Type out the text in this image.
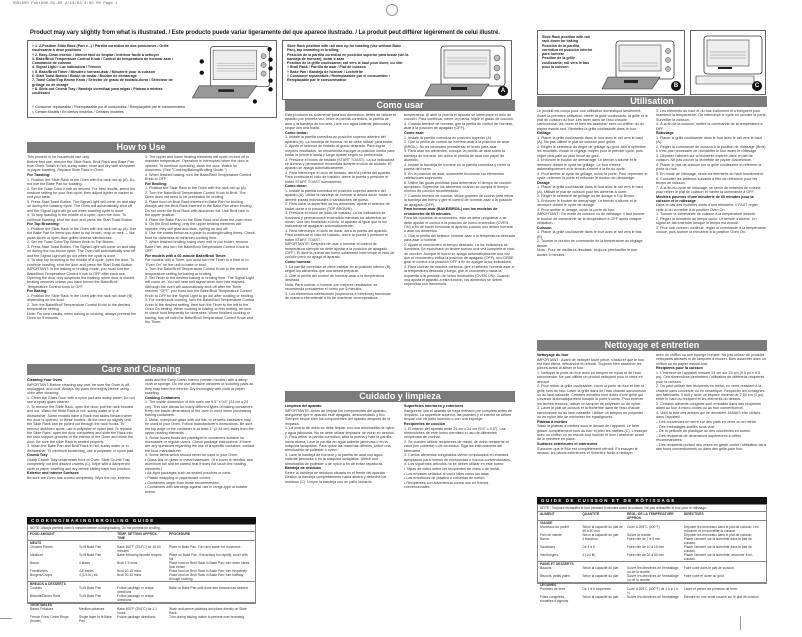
TB01000 Pub1000-01-05 2/14/03 4:06 PM Page 1
Product may vary slightly from what is illustrated. / Este producto puede variar ligeramente del que aparece ilustrado. / Le produit peut différer légèrement de celui illustré.
† 1. 2-Position Slide Rack (Part #...) / Parrilla corrediza de dos posiciones / Grille coulissante à deux positions
† 2. Easy-Clean Interior / Interior fácil de limpiar / Intérieur facile à nettoyer
3. Bake/Broil Temperature Control Knob / Control de temperatura de hornear-asar / Commande de cuisson
4. Signal Light / Luz indicadora / Témoin
‡ 5. Bake/Broil Timer / Minutero hornear-asar / Minuterie pour la cuisson
6. Start Toast Button / Botón de tostar / Bouton de démarrage
7. Toast Color/Top Brown Knob / Selector de grado de tostado-dorar / Sélecteur de grillage ou de dorage
† 8. Slide-out Crumb Tray / Bandeja corrediza/ para migas / Plateau à miettes coulissant
† Consumer replaceable / Reemplazable por el consumidor / Remplaçable par le consommateur
‡ Certain Models / En ciertos modelos / Certains modèles
Slide Rack position with rail rack up for toasting (use without Bake Pan), top browning or broiling;
Posición de la parrilla corrediza en posición superior para tostar (sin la bandeja de hornear), dorar o asar
Position de la grille coulissante; rail vers le haut pour dorer, ou rôtir
† Broil Rack / Parrilla de asar / Plat de cuisson
† Bake Pan / Bandeja de hornear / Lèchefrite
† Consumer replaceable / Reemplazable por el consumidor / Remplaçable par le consommateur
A
Slide Rack position with rail rack down for baking
Posición de la parrilla corrediza en posición inferior para hornear
Position de la grille coulissante; rail vers le bas pour la cuisson
B	C
How to Use
Care and Cleaning
Como usar
Cuidado y limpieza
Utilisation
Nettoyage et entretien

This product is for household use only.

Before first use, remove the Slide Rack, Broil Rack and Bake Pan from Oven. Wash in hot, sudsy water, rinse and dry with dishpanel or paper toweling. Replace Slide Rack in Oven.

For Toasting:

1. Position the Slide Rack in the Oven with the rack rail up (A). Do not use the Bake Pan for toasting.

2. Set the Toast Color Knob as desired. For best results, select the medium setting for your first cycle, then adjust lighter or darker to suit your taste.

3. Press Start Toast Button. The Signal Light will come on and stay on during the toasting cycle. The Oven will automatically shut off and the Signal Light will go out when toasting cycle is done.

4. To stop toasting in the middle of a cycle, open the door. To continue toasting, shut the door and press the Start Toast Button.

For Top Browning:

1. Position the Slide Rack in the Oven with the rack rail up (A). Use the Bake Pan for items you want to top brown, crisp or melt — like pizza slices or open-face grilled cheese sandwiches.

2. Set the Toast Color/Top Brown Knob to Top Brown.

3. Press Start Toast Button. The Signal Light will come on and stay on during the top-brown cycle. The Oven will automatically shut off and the Signal Light will go out when the cycle is done.

4. To stop top browning in the middle of a cycle, open the door. To continue toasting, shut the door and press the Start Toast Button.

IMPORTANT: In the baking or broiling mode, you must turn the Bake/Broil Temperature Control Knob to OFF after each use. Opening the door only suspends the heating; when door is closed, heating resumes unless you have turned the Bake/Broil Temperature Control Knob to OFF.

For Baking:

1. Position the Slide Rack in the Oven with the rack rail down (B) depending on the food.

2. Turn the Bake/Broil Temperature Control Knob to the desired temperature setting.

Note: For best results, when baking or cooking, always preheat the Oven for 5 minutes.

3. The upper and lower heating elements will cycle on and off to maintain temperature. Operation is interrupted when the door is opened. To continue operating, close the door. Watch for doneness. (See "Cooking/Baking/Broiling Guide.")

4. When finished baking, turn the Bake/Broil Temperature Control Knob to OFF.

For Broiling:

1. Position the Slide Rack in the Oven with the rack rail up (A).

2. Turn the Bake/Broil Temperature Control Knob to Broil. The Oven does not need to be preheated for broiling.

3. Place food on Broil Rack inserted in Bake Pan for broiling. Always use the Broil Rack inserted in the Bake Pan when broiling. Do not cover the Broil Rack with aluminum foil. Use Broil rack in the upper position.

4. Place the Bake Pan on the Slide Rack and close the oven door.

5. On the Broil setting, only the upper heating elements will operate; they will glow and fade, cycling on and off.

6. Use the charts below as a guide to cooking/broiling times. Check food for doneness at minimum cooking time.

7. When finished broiling, using oven mitt or pot holder, remove Bake Pan, and turn the Bake/Broil Temperature Control Knob to OFF.

For models with a 60-minute Bake/Broil Timer:

For models with a Timer, you must turn the Timer to a time or to "Even On" for the unit to bake or broil.

1. Turn the Bake/Broil Temperature Control Knob to the desired temperature setting for baking or broiling.

2. Set Timer to the desired baking or broiling time. The Signal Light will come on. You will hear bell signal when time has elapsed. Although the oven will automatically shut-off after the Timer reaches "OFF," you must turn the Bake/Broil Temperature Control Knob to OFF for the Signal Light to go out after cooking or broiling.

3. For continuous cooking, turn the Bake/Broil Temperature Control Knob to the desired setting, then turn the Timer to the left to the Oven On setting. When cooking or baking on this setting, be sure to check food frequently for doneness. When finished cooking or baking, turn off both the Bake/Broil Temperature Control Knob and the Timer.

Cleaning Your Oven

IMPORTANT: Before cleaning any part, be sure the Oven is off, unplugged, and cool. Always dry parts thoroughly before using oven after cleaning.

1. Clean the Glass Door with a nylon pad and sudsy water. Do not use a spray glass cleaner.

2. To remove the Slide Rack, open the door, pull the rack forward and out. Wash the Slide Rack in hot, sudsy water or in a dishwasher. Some models have a Rack that slides forward when the door is opened. In these models, tilt the door up slightly until the Slide Rack can be pulled out through the rack hooks. To remove stubborn spots, use a polyester or nylon pad. To replace the Slide Rack, open the door completely and slide the Rack into the rack support grooves of the interior of the Oven and close the door. Be sure the slide Rack is seated properly.

3. Wash the Bake Pan and Broil Rack in hot, sudsy water or in dishwasher. To minimize scratching, use a polyester or nylon pad.

Crumb Tray

Grasp Crumb Tray underneath front of Oven. Slide Crumb Tray completely out and discard crumbs (C). Wipe with a dampened cloth or paper toweling and dry before sliding back into position.

Exterior and Interior Surfaces

Be sure the Oven has cooled completely. Wipe the top, exterior

walls and the Easy-Clean Interior (certain models) with a damp cloth or sponge. Do not use abrasive cleaners or scouring pads as they may harm the interior. Dry thoroughly with cloth or paper toweling.

Cooking Containers

1. The inside dimension of this oven are 9.5" x 9.5" (24 cm x 24 cm). This size allows for many different types of baking containers. Keep the inside dimensions of the oven in mind when purchasing baking containers.

2. Metal, ovenproof glass with out lids, or ceramic bakeware may be used in your Oven. Follow manufacturer's instructions. Be sure the top edge of the container is at least 1" (2.54 cm) away from the upper heating elements.

3. Some frozen foods are packaged in containers suitable for microwave or regular ovens. Check package instructions. If there are any questions regarding the use of a specific container, contact the food manufacturer.

4. Some items which should never be used in your Oven:

• Glass lids on glass or metal bakeware. (If a cover is needed, use aluminum foil and be careful that it does not touch the heating elements.)

• Air-tight packages such as sealed pouches or cans.

• Plastic wrapping or paperboard covers.

• Containers larger than those recommended.

• Containers with warnings against use in range-type or toaster ovens.

Este producto es solamente para uso doméstico. Antes de utilizar el aparato por primera vez, retire la parrilla corrediza, la parrilla de asar y la bandeja de hornear. Lave con agua caliente jabonosa y seque con una toalla.

Como tostar:

1. Instale la parrilla corrediza en posición superior adentro del aparato (A). La bandeja de hornear no se debe utilizar para tostar.

2. Ajuste el selector de tostado al grado deseado. Para lograr mejores resultados, se recomienda escoger la posición media para tostar la primera tanda y luego ajustar según su preferencia.

3. Presione el botón de tostado (START TOAST). La luz indicadora se ilumina y permanece encendida durante el ciclo de tostado. El aparato se apaga automáticamente.

4. Para interrumpir el ciclo de tostado, abra la puerta del aparato. Para continuar el ciclo de tostado, cierre la puerta y presione el botón START TOAST nuevamente.

Como dorar:

1. Instale la parrilla corrediza en posición superior adentro del aparato (A). Utilice la bandeja de hornear si desea dorar, tostar o derretir pizzas individuales o sándwiches de queso.

2. Para dorar la superficie de los alimentos, ajuste el selector de tostar-dorar a la posición (TOP BROWN).

3. Presione el botón de inicio de tostado. La luz indicadora se iluminará y permanecerá encendida mientras los alimentos se doran. Una vez finalizado el ciclo, el aparato al igual que la luz indicadora se apagarán automáticamente.

4. Para interrumpir el ciclo de dorar, abra la puerta del aparato. Para continuar el ciclo de tostado, cierre la puerta y presione el botón START TOAST.

IMPORTANTE: Después de usar u hornear el control de temperatura siempre se debe ajustar a la posición de apagado (OFF). El abrir la puerta del horno solamente interrumpe el ciclo de cocción pero no apaga el aparato.

Como hornear:

1. La parrilla corrediza se debe instalar en la posición inferior (B) según los alimentos que uno desea preparar.

2. Gire la perilla del control de hornear-asar a la temperatura deseada.

Nota: Para cocinar u hornear con mejores resultados, se recomienda precalentar el horno por 5 minutos.

3. Los elementos calefactores (superiores e inferiores) funcionan de manera intermitente a fin de mantener la temperatura.

temperatura. Al abrir la puerta el aparato se interrumpe el ciclo de cocción. Para continuar, cierre la puerta. Vigile el grado de cocción.

4. Cuando termine de hornear, gire la perilla de control de hornear-asar a la posición de apagado (OFF).

Como asar:

1. Instale la parrilla corrediza en posición superior (A).

2. Gire la perilla de control de hornear-asar a la posición de asar (BROIL). No es necesario precalentar el horno para asar.

3. Para asar los alimentos, coloque la parrilla de asar sobre la bandeja de hornear. No cubra la parrilla de asar con papel de aluminio.

4. Instale la bandeja de hornear en la parrilla corrediza y cierre la puerta del horno.

5. En la posición de asar, solamente funcionan los elementos calefactores superiores.

6. Utilice las guías provistas para determinar el tiempo de cocción apropiado. Supervise los alimentos cuando se cumpla el tiempo mínimo de cocción recomendado.

7. Cuando termine de cocinar, utilice guantes de cocina para retirar la bandeja del horno y gire el control de hornear-asar a la posición de apagado (OFF).

Para hornear-asar (BAKE/BROIL) con los modelos de cronómetro de 60 minutos:

Para los modelos de cronómetro, éste se debe programar a se debe ajustar el control a la posición de horno encendido (OVEN ON) a fin de hacer funcionar el aparato cuando uno desee hornear o asar los alimentos.

1. Gire la perilla del selector hornear-asar a la temperatura deseada para asar u hornear.

2. Ajuste el cronómetro al tiempo deseado. La luz indicadora se iluminará. Se escuchará un timbre sonoro una vez completo el ciclo de cocción. Aunque el horno se apaga automáticamente una vez que el cronómetro indica la posición de apagado (OFF), uno DEBE girar el control a la posición OFF a fin de apagar la luz indicadora.

3. Para cocinar de manera continua, gire el selector hornear-asar a la temperatura deseada y luego, gire el cronómetro hacia la izquierda a la posición de horno encendido (OVEN ON). Cuando uno ajusta el aparato a esta función, los alimentos se deben supervisar con frecuencia.

Limpieza del aparato

IMPORTANTE: Antes de limpiar los componentes del aparato, asegúrese que el aparato esté apagado, desconectado y frío. Siempre seque bien los componentes del aparato después de la limpieza.

1. La puerta de vidrio se debe limpiar con una almohadilla de nylon y agua jabonosa. No se debe utilizar limpiador de vidrio en aerosol.

2. Para retirar la parrilla corrediza, abra la puerta y hale la parrilla hacia afuera. Lave la parrilla en agua caliente jabonosa o en la máquina lavaplatos. Para quitar las manchas difíciles, utilice una almohadilla de poliéster o nylon.

3. Lave la bandeja de hornear y la parrilla de asar con agua caliente jabonosa o en la máquina lavaplatos. Utilice una almohadilla de poliéster o de nylon a fin de evitar rayaduras.

Bandeja de residuos

Retire la bandeja de residuos situada en el frente del aparato. Deslice la bandeja completamente hacia afuera y deseche los residuos (C). Limpie la bandeja con un paño húmedo.

Superficies interiores y exteriores

Asegúrese que el aparato se haya enfriado por completo antes de limpiarlo. La superficie superior, las paredes y el interior se deben limpiar con un paño húmedo o con una esponja.

Recipientes de cocción

1. El interior del aparato mide 24 cm x 24 cm (9.5" x 9.5"). Las dimensiones de este horno permiten el uso de diferentes recipientes de cocinar.

2. Se pueden utilizar recipientes de metal, de vidrio resistente al calor (sin cubierta) o de cerámica. Siga las instrucciones del fabricante.

3. Ciertos alimentos congelados vienen empacados en envases apropiados para hornos de microondas o hornos convencionales.

4. Los siguientes artículos no se deben utilizar en este horno:

• Tapas de vidrio sobre los recipientes de vidrio o de metal.

• Los envases sellados al vacío tales como las latas.

• Las envolturas de plástico o cubiertas de cartón.

• Recipientes con advertencia contra uso en hornos convencionales.

Le produit est conçu pour une utilisation domestique seulement.

Avant la première utilisation, retirer la grille coulissante, la grille et le plat de cuisson du four. Les laver dans de l'eau chaude savonneuse, les rincer et bien les assécher avec un chiffon ou du papier essuie-tout. Remettre la grille coulissante dans le four.

Grillage

1. Placer la grille coulissante dans le four avec le rail vers le haut (A). Ne pas utiliser le plat de cuisson pour griller.

2. Régler le sélecteur du degré de grillage au goût. Afin d'optimiser les résultats, choisir le réglage moyen pour le premier cycle, puis régler plus pâle ou plus foncé au goût.

3. Enfoncer le bouton de démarrage. Le témoin s'allume et le demeure durant le cycle de grillage. Le four s'éteint automatiquement et le témoin s'éteint à la fin du cycle.

4. Pour arrêter le cycle de grillage, ouvrir la porte. Pour reprendre le cycle, refermer la porte et enfoncer le bouton de démarrage.

Dorage

1. Placer la grille coulissante dans le four avec le rail vers le haut (A). Utiliser le plat de cuisson pour les aliments à dorer.

2. Régler le sélecteur de grillage ou de dorage à Top Brown.

3. Enfoncer le bouton de démarrage. Le témoin s'allume et le demeure durant le cycle de dorage.

4. Pour arrêter le dorage, ouvrir la porte du four.

IMPORTANT : En mode de cuisson ou de rôtissage, il faut tourner le bouton de commande de la température à OFF après chaque utilisation.

Cuisson

1. Placer la grille coulissante dans le four avec le rail vers le bas (B).

2. Tourner le bouton de commande de la température au réglage désiré.

Nota : Pour de meilleurs résultats, toujours préchauffer le four durant 5 minutes.

3. Les éléments du haut et du bas s'allument et s'éteignent pour maintenir la température. On interrompt le cycle en ouvrant la porte. Surveiller la cuisson.

4. À la fin de la cuisson, mettre la commande de la température à OFF.

Rôtissage

1. Placer la grille coulissante dans le four avec le rail vers le haut (A).

2. Régler la commande de cuisson à la position de rôtissage (Broil). Il n'est pas nécessaire de réchauffer le four avant le rôtissage.

3. Déposer l'aliment sur la lèchefrite insérée dans le plat de cuisson. Ne pas couvrir la lèchefrite de papier d'aluminium.

4. Placer le plat de cuisson sur la grille coulissante et refermer la porte du four.

5. En mode de rôtissage, seuls les éléments du haut fonctionnent.

6. Consulter les tableaux suivants à titre de référence pour les temps de cuisson.

7. À la fin du cycle de rôtissage, se servir de mitaines de cuisine pour retirer le plat de cuisson et mettre la commande à OFF.

Modèles pourvus d'une minuterie de 60 minutes pour la cuisson et le rôtissage

Dans le cas des modèles dotés d'une minuterie, il FAUT régler celle-ci ou la mettre à la position Oven On.

1. Tourner la commande de cuisson à la température désirée.

2. Régler la minuterie au temps voulu. Le témoin s'allume. Un signal se fait entendre lorsque le temps est écoulé.

3. Pour une cuisson continue, régler la commande à la température voulue, puis tourner la minuterie à la position Oven On.

Nettoyage du four

IMPORTANT : Avant de nettoyer toute pièce, s'assurer que le four est bien éteint, débranché et refroidi. Toujours bien assécher les pièces avant d'utiliser le four.

1. Nettoyer la porte du four avec un tampon en nylon et de l'eau savonneuse. Ne pas utiliser un produit nettoyant pour le verre en aérosol.

2. Pour retirer la grille coulissante, ouvrir la porte du four et tirer la grille hors du four. Laver la grille dans de l'eau chaude savonneuse ou au lave-vaisselle. Certains modèles sont dotés d'une grille qui s'avance automatiquement lorsque la porte s'ouvre. Pour enlever les taches tenaces, utiliser un tampon de polyester ou de nylon.

3. Laver le plat de cuisson et la lèchefrite dans de l'eau chaude savonneuse ou au lave-vaisselle. Utiliser un tampon en polyester ou en nylon afin de minimiser les égratignures.

Plateau à miettes

Saisir le plateau à miettes sous le devant de l'appareil. Le faire glisser complètement hors du four et jeter les miettes (C). L'essuyer avec un chiffon ou un essuie-tout humide et bien l'assécher avant de le remettre en place.

Surfaces extérieures et intérieures

S'assurer que le four est complètement refroidi. En essuyer le dessus, les parois extérieures et l'intérieur facile à nettoyer.

avec un chiffon ou une éponge humide. Ne pas utiliser de produits nettoyants abrasifs ni de tampons à récurer. Bien assécher avec un chiffon ou du papier essuie-tout.

Récipients pour la cuisson

1. L'intérieur de l'appareil mesure 24 cm sur 24 cm (9,5 po x 9,5 po). Ces dimensions permettent l'utilisation de différents récipients pour la cuisson.

2. On peut utiliser des récipients en métal, en verre résistant à la chaleur sans couvercle ou en céramique. Respecter les consignes des fabricants. Il doit y avoir un espace minimal de 2,54 cm (1 po) entre le haut du récipient et les éléments du dessus.

3. Certains aliments congelés sont emballés dans des récipients allant au four à micro-ondes ou au four conventionnel.

4. Voici la liste des articles qui ne devraient JAMAIS être utilisés dans l'appareil :

– Des couvercles en verre sur des plats en verre ou en métal.

– Des emballages scellés sous vide.

– De la pellicule de plastique ou des couvercles en carton.

– Des récipients de dimensions supérieures à celles recommandées.

– Des récipients portant des mises en garde contre l'utilisation dans des fours conventionnels ou dans des grille-pain four.

COOKING/BAKING/BROILING GUIDE
NOTE: Always preheat oven 5 minutes before cooking/baking. Do not preheat for broiling.
FOOD AMOUNT		TEMP. SETTING APPROX. TIME	PROCEDURE
MEATS			
Chicken Pieces	To fit Bake Pan	Bake 400°F (204°C) for 45-50 minutes	Place in Bake Pan. Turn and watch for doneness.
Meatloaf	To fit Bake Pan	Bake following favorite recipes	Place on Bake Pan. If browning too rapidly, cover with foil.
Bacon	4 slices	Broil 7-9 mins.	Place food on Broil Rack in Bake Pan; turn when slices look brown.
Frankfurters	4-6 franks	Broil 10-15 mins.	Place food on Broil Rack in Bake Pan; turn frequently.
Burgers/Chops	4 (1/4 lb.) ea.	Broil 20-40 mins.	Place food on Broil Rack in Bake Pan; turn halfway through cooking.
BREADS & DESSERTS			
Cookies	To fit Bake Pan	Follow package or recipe directions	Bake on Bake Pan until done and browned as desired.
Biscuits/Dinner Rolls	To fit Bake Pan	Follow package or recipe directions	
VEGETABLES			
Baked Potatoes	Medium potatoes	Bake 400°F (204°C) for 1-1 hours.	Wash and pierce potatoes and place directly on Slide Rack.
French Fries/ Onion Rings (frozen)	Single layer to fit Bake Pan	Follow package directions.	Turn during baking; watch to prevent over browning.
GUIDE DE CUISSON ET DE RÔTISSAGE
NOTE : Toujours réchauffer le four pendant 5 minutes avant la cuisson. Ne pas réchauffer le four pour le rôtissage.
ALIMENT	QUANTITÉ	RÉGL. DE LA TEMPÉRATURE APPROX.	DIRECTIVES
VIANDE			
Morceaux de poulet	Selon la capacité du plat de 45 à 50 min.	Cuire à 205°C (400°F)	Déposer les morceaux dans le plat de cuisson. Les retourner et en surveiller la cuisson.
Pain de viande	Selon la capacité du plat	Suivre la recette	Déposer les morceaux dans le plat de cuisson.
Bacon	4 tranches	Faire rôtir de 7 à 9 min	Placer l'aliment sur la lèchefrite dans le plat de cuisson.
Saucisses	De 4 à 6	Faire rôtir de 10 à 15 min	Placer l'aliment sur la lèchefrite dans le plat de cuisson.
Hamburgers	4 (1/4 lb)	Faire rôtir de 20 à 40 min	Placer l'aliment sur la lèchefrite; retourner à mi-cuisson.
PAINS ET DESSERTS			
Biscuits	Selon la capacité du plat	Suivre les directives de l'emballage ou de la recette	Faire cuire dans le plat de cuisson.
Biscuits, petits pains	Selon la capacité du plat	Suivre les directives de l'emballage ou de la recette	Faire cuire et dorer au goût.
LÉGUMES			
Pommes de terre	De 1 à 6 moyennes	Cuire à 205°C (400°F) de 1 h à 1 h ¼	Laver et percer les pommes de terre.
Frites congelées, rondelles d'oignons	Selon la capacité du plat	Suivre les directives de l'emballage	Étendre en une seule couche sur le plat de cuisson.
